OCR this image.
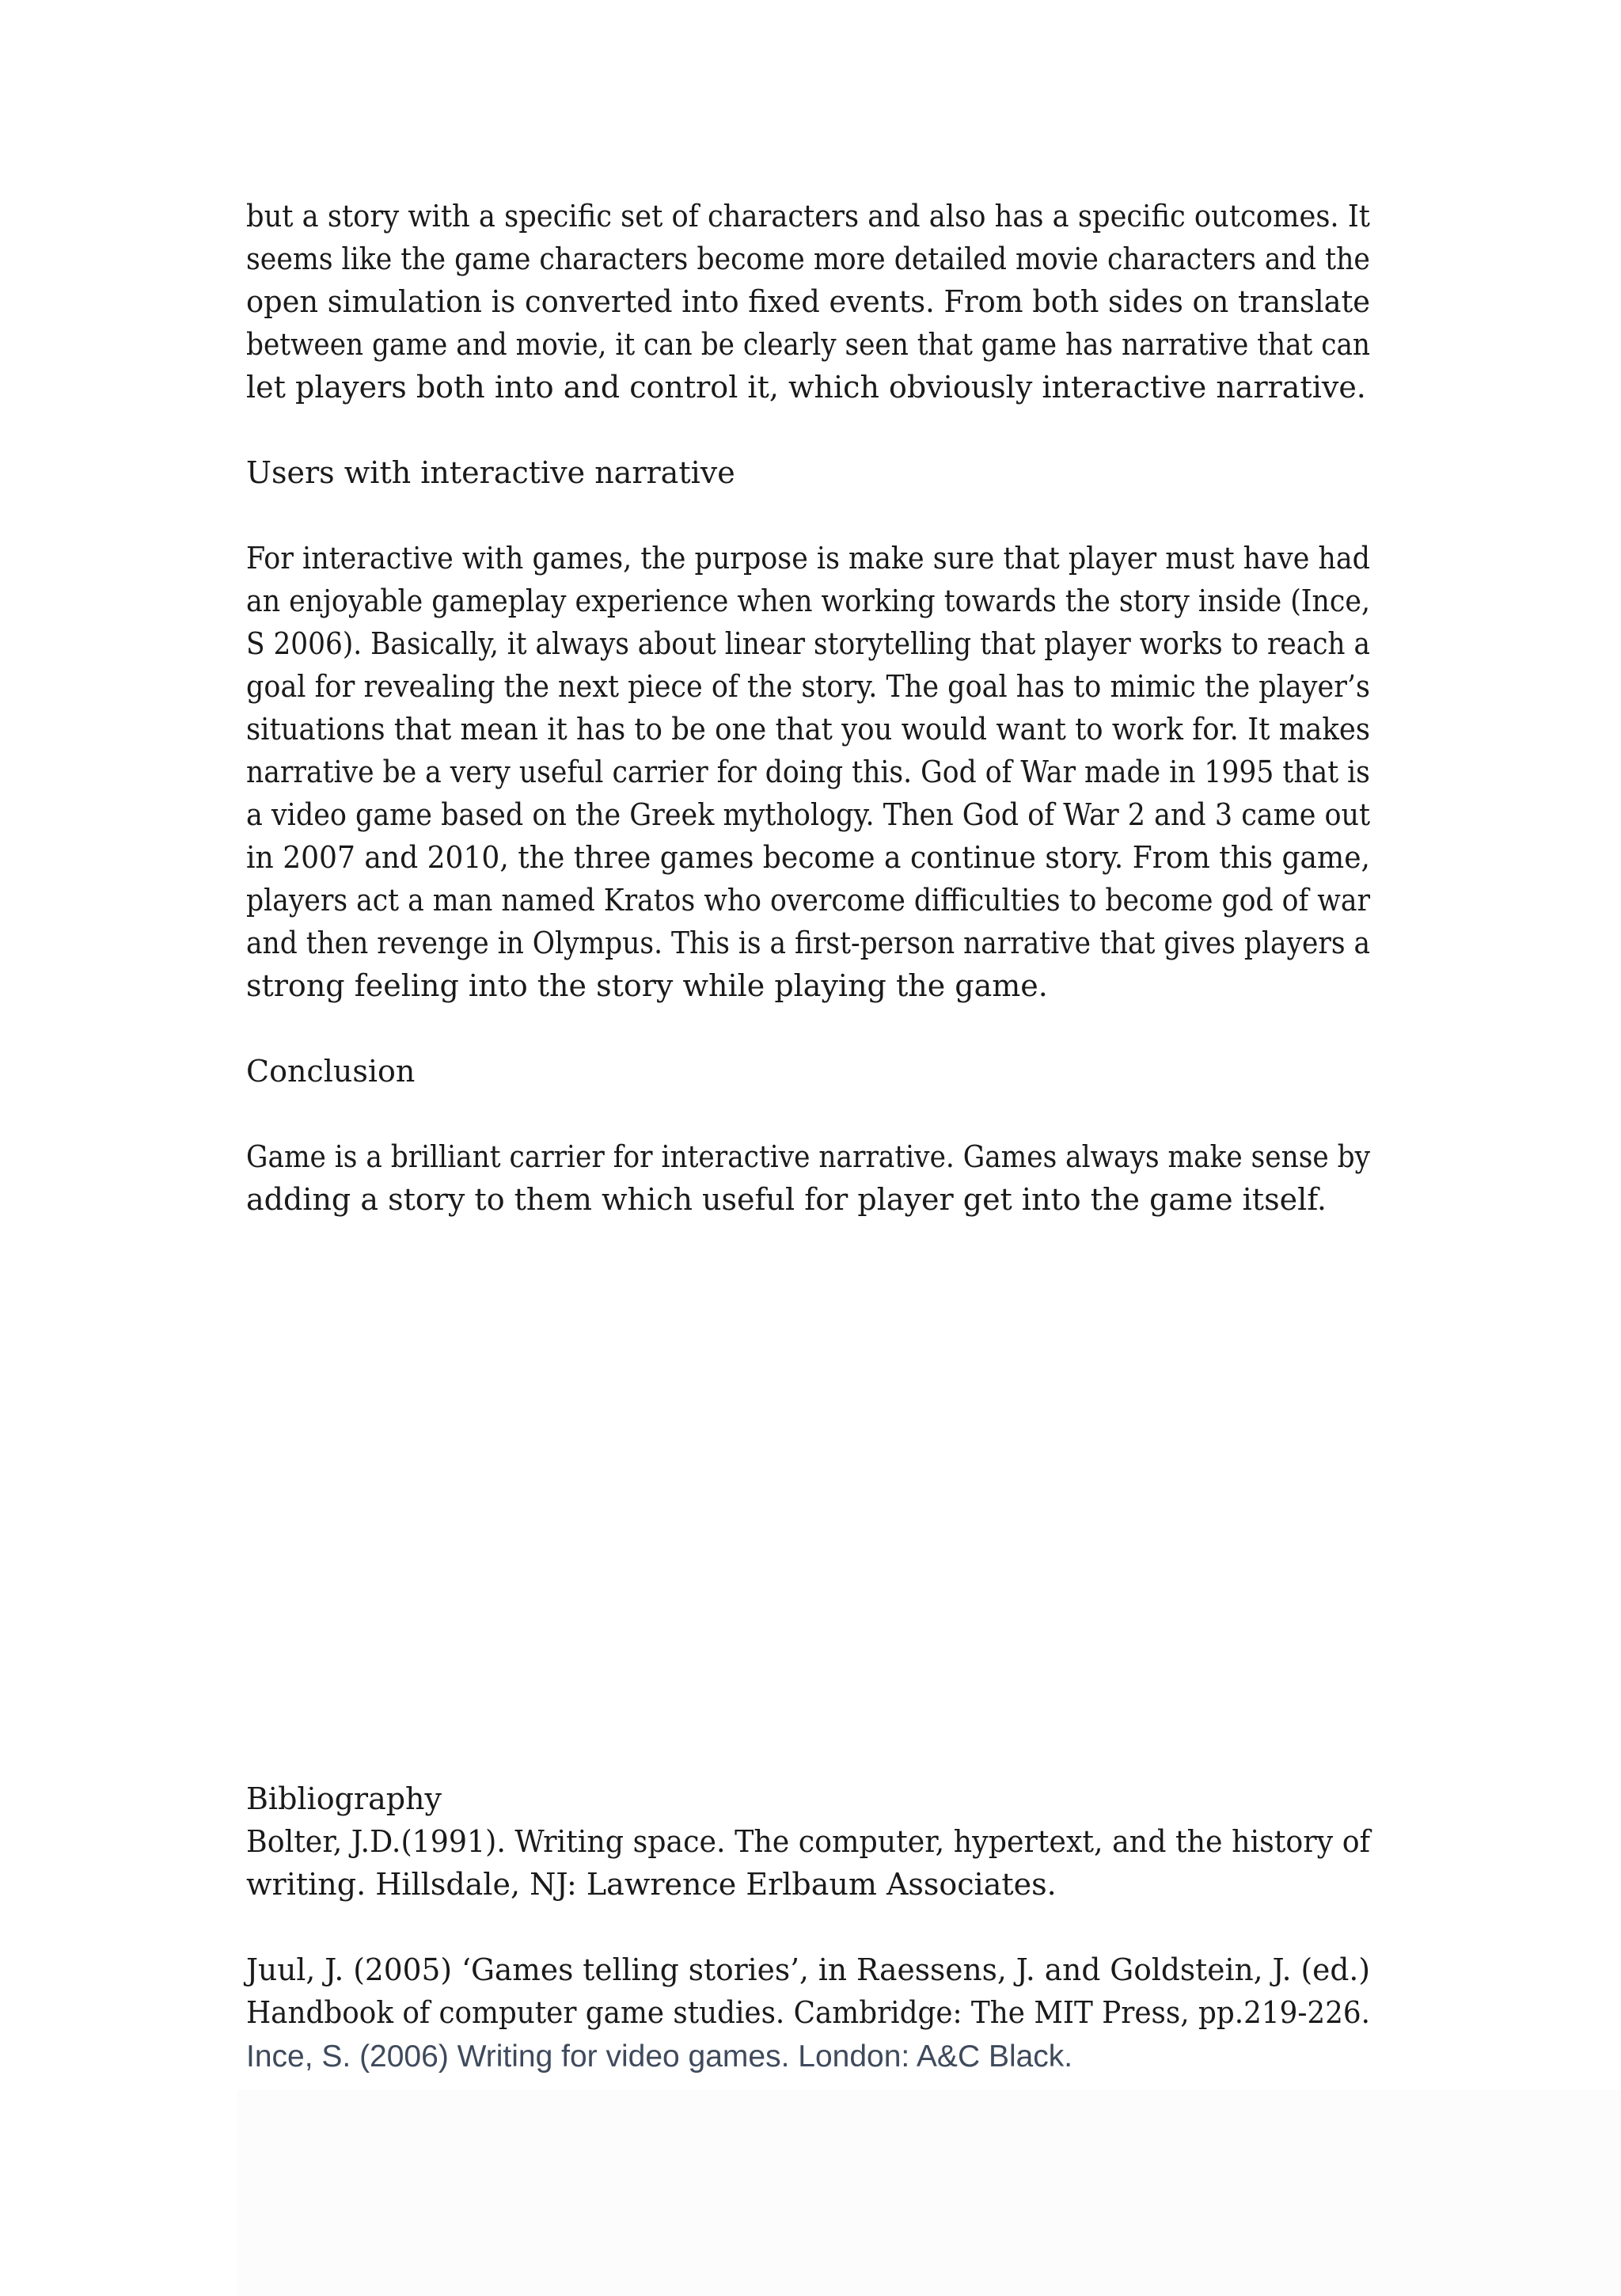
but a story with a specific set of characters and also has a specific outcomes. It
seems like the game characters become more detailed movie characters and the
open simulation is converted into fixed events. From both sides on translate
between game and movie, it can be clearly seen that game has narrative that can
let players both into and control it, which obviously interactive narrative.
Users with interactive narrative
For interactive with games, the purpose is make sure that player must have had
an enjoyable gameplay experience when working towards the story inside (Ince,
S 2006). Basically, it always about linear storytelling that player works to reach a
goal for revealing the next piece of the story. The goal has to mimic the player’s
situations that mean it has to be one that you would want to work for. It makes
narrative be a very useful carrier for doing this. God of War made in 1995 that is
a video game based on the Greek mythology. Then God of War 2 and 3 came out
in 2007 and 2010, the three games become a continue story. From this game,
players act a man named Kratos who overcome difficulties to become god of war
and then revenge in Olympus. This is a first-person narrative that gives players a
strong feeling into the story while playing the game.
Conclusion
Game is a brilliant carrier for interactive narrative. Games always make sense by
adding a story to them which useful for player get into the game itself.
Bibliography
Bolter, J.D.(1991). Writing space. The computer, hypertext, and the history of
writing. Hillsdale, NJ: Lawrence Erlbaum Associates.
Juul, J. (2005) ‘Games telling stories’, in Raessens, J. and Goldstein, J. (ed.)
Handbook of computer game studies. Cambridge: The MIT Press, pp.219-226.
Ince, S. (2006) Writing for video games. London: A&C Black.
